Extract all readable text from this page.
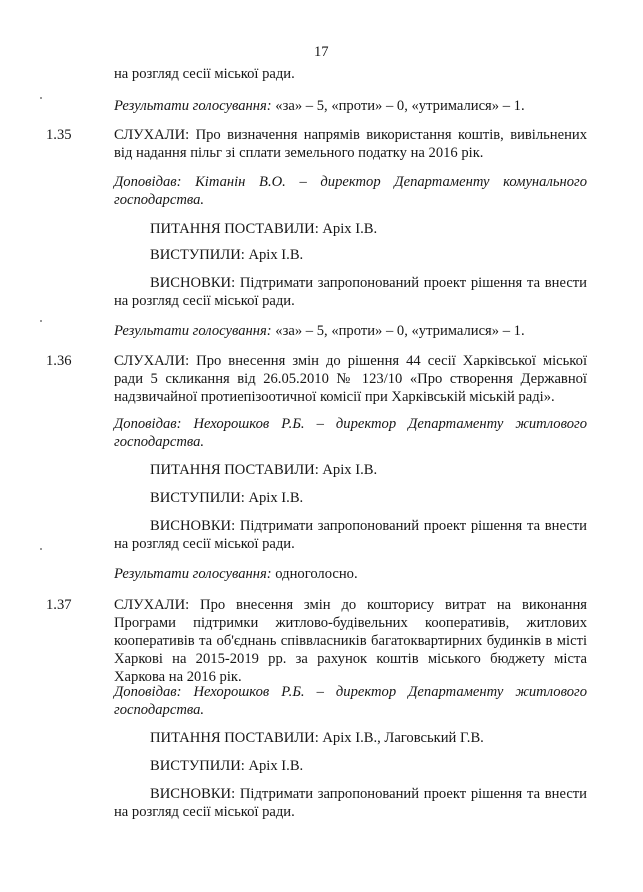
17
на розгляд сесії міської ради.
Результати голосування: «за» – 5, «проти» – 0, «утрималися» – 1.
1.35	СЛУХАЛИ: Про визначення напрямів використання коштів, вивільнених
від надання пільг зі сплати земельного податку на 2016 рік.
Доповідав: Кітанін В.О. – директор Департаменту комунального
господарства.
ПИТАННЯ ПОСТАВИЛИ: Аріх І.В.
ВИСТУПИЛИ: Аріх І.В.
ВИСНОВКИ: Підтримати запропонований проект рішення та внести
на розгляд сесії міської ради.
Результати голосування: «за» – 5, «проти» – 0, «утрималися» – 1.
1.36	СЛУХАЛИ: Про внесення змін до рішення 44 сесії Харківської міської
ради 5 скликання від 26.05.2010 № 123/10 «Про створення Державної
надзвичайної протиепізоотичної комісії при Харківській міській раді».
Доповідав: Нехорошков Р.Б. – директор Департаменту житлового
господарства.
ПИТАННЯ ПОСТАВИЛИ: Аріх І.В.
ВИСТУПИЛИ: Аріх І.В.
ВИСНОВКИ: Підтримати запропонований проект рішення та внести
на розгляд сесії міської ради.
Результати голосування: одноголосно.
1.37	СЛУХАЛИ: Про внесення змін до кошторису витрат на виконання
Програми підтримки житлово-будівельних кооперативів, житлових
кооперативів та об'єднань співвласників багатоквартирних будинків в місті
Харкові на 2015-2019 рр. за рахунок коштів міського бюджету міста
Харкова на 2016 рік.
Доповідав: Нехорошков Р.Б. – директор Департаменту житлового
господарства.
ПИТАННЯ ПОСТАВИЛИ: Аріх І.В., Лаговський Г.В.
ВИСТУПИЛИ: Аріх І.В.
ВИСНОВКИ: Підтримати запропонований проект рішення та внести
на розгляд сесії міської ради.
